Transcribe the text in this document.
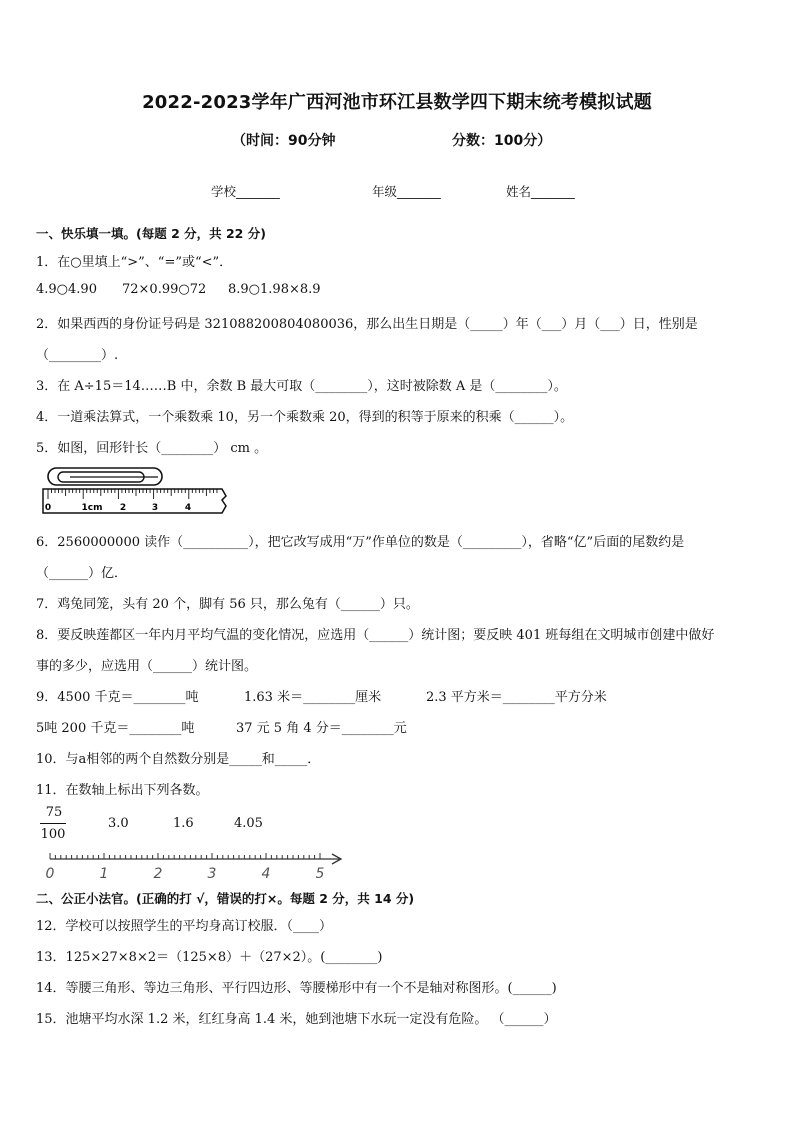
2022-2023学年广西河池市环江县数学四下期末统考模拟试题
（时间：90分钟	分数：100分）
学校_______	年级_______	姓名_______
一、快乐填一填。(每题 2 分，共 22 分)
1．在○里填上“>”、“=”或“<”．
4.9○4.90 72×0.99○72 8.9○1.98×8.9
2．如果西西的身份证号码是 321088200804080036，那么出生日期是（_____）年（___）月（___）日，性别是
（________）.
3．在 A÷15＝14……B 中，余数 B 最大可取（________），这时被除数 A 是（________）。
4．一道乘法算式，一个乘数乘 10，另一个乘数乘 20，得到的积等于原来的积乘（______）。
5．如图，回形针长（________） cm 。
0	1cm 2	3	4
6．2560000000 读作（__________），把它改写成用“万”作单位的数是（_________），省略“亿”后面的尾数约是
（______）亿．
7．鸡兔同笼，头有 20 个，脚有 56 只，那么兔有（______）只。
8．要反映莲都区一年内月平均气温的变化情况，应选用（______）统计图；要反映 401 班每组在文明城市创建中做好
事的多少，应选用（______）统计图。
9．4500 千克＝________吨	1.63 米＝________厘米	2.3 平方米＝________平方分米
5吨 200 千克＝________吨	37 元 5 角 4 分＝________元
10．与a相邻的两个自然数分别是_____和_____．
11．在数轴上标出下列各数。
75
100
3.0	1.6	4.05
0	1	2	3	4	5
二、公正小法官。(正确的打 √，错误的打×。每题 2 分，共 14 分)
12．学校可以按照学生的平均身高订校服．（____）
13．125×27×8×2＝（125×8）＋（27×2）。(________)
14．等腰三角形、等边三角形、平行四边形、等腰梯形中有一个不是轴对称图形。(______)
15．池塘平均水深 1.2 米，红红身高 1.4 米，她到池塘下水玩一定没有危险。 （______）
